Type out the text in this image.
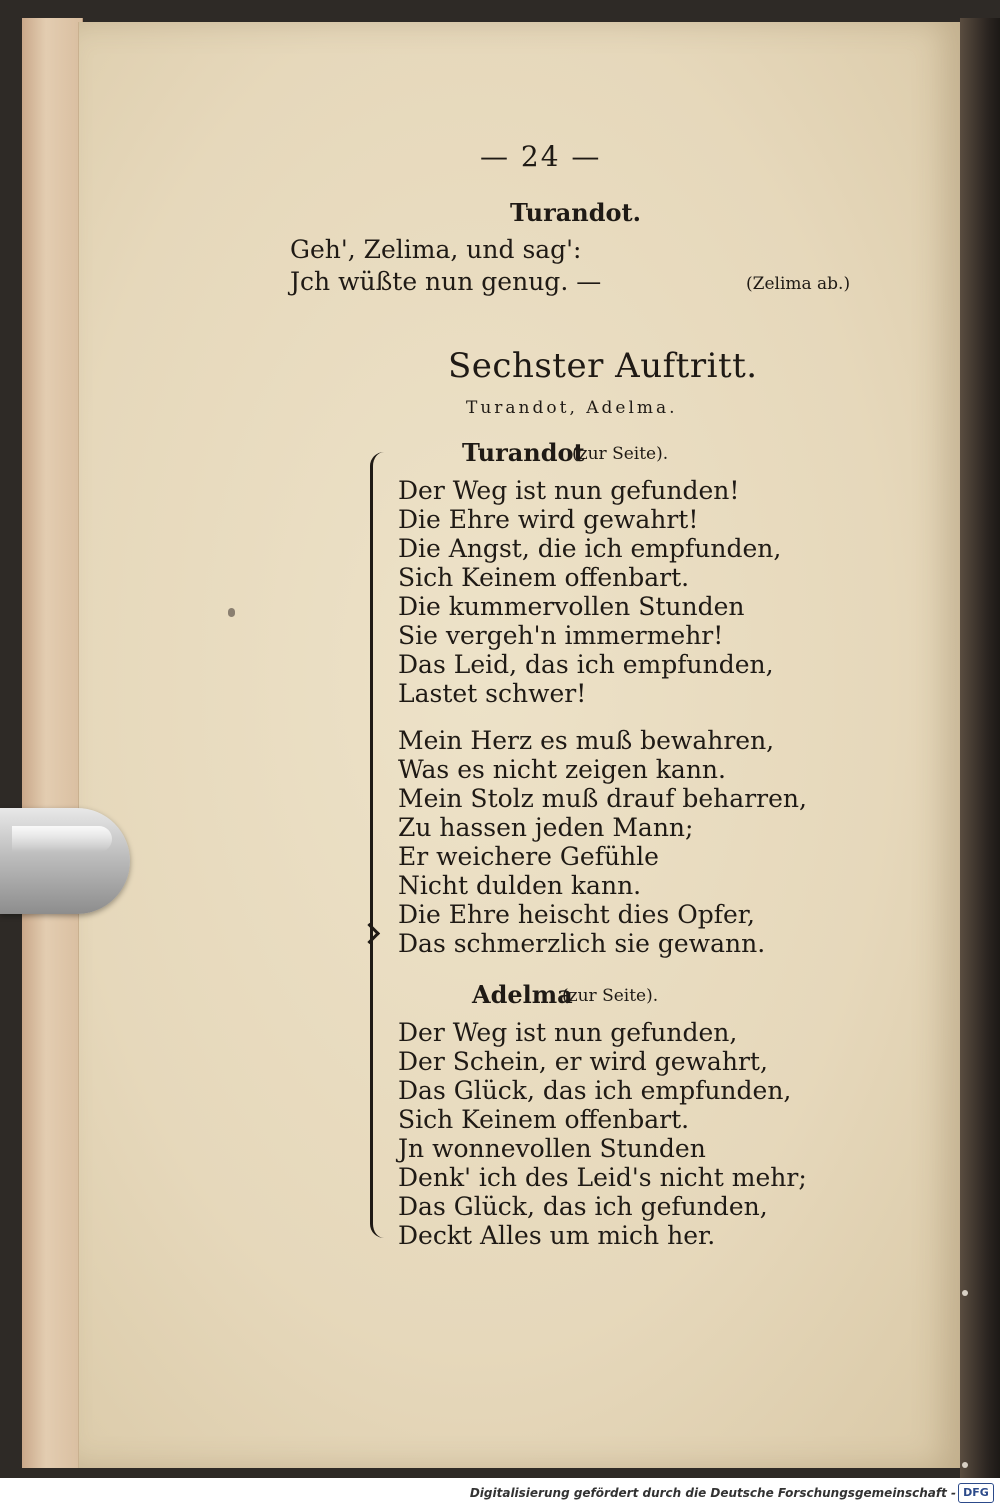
— 24 —
Turandot.
Geh', Zelima, und sag':
Jch wüßte nun genug. —	(Zelima ab.)
Sechster Auftritt.
Turandot, Adelma.
Turandot
(zur Seite).
Der Weg ist nun gefunden!
Die Ehre wird gewahrt!
Die Angst, die ich empfunden,
Sich Keinem offenbart.
Die kummervollen Stunden
Sie vergeh'n immermehr!
Das Leid, das ich empfunden,
Lastet schwer!
Mein Herz es muß bewahren,
Was es nicht zeigen kann.
Mein Stolz muß drauf beharren,
Zu hassen jeden Mann;
Er weichere Gefühle
Nicht dulden kann.
Die Ehre heischt dies Opfer,
Das schmerzlich sie gewann.
Adelma
(zur Seite).
Der Weg ist nun gefunden,
Der Schein, er wird gewahrt,
Das Glück, das ich empfunden,
Sich Keinem offenbart.
Jn wonnevollen Stunden
Denk' ich des Leid's nicht mehr;
Das Glück, das ich gefunden,
Deckt Alles um mich her.
Digitalisierung gefördert durch die Deutsche Forschungsgemeinschaft - DFG
